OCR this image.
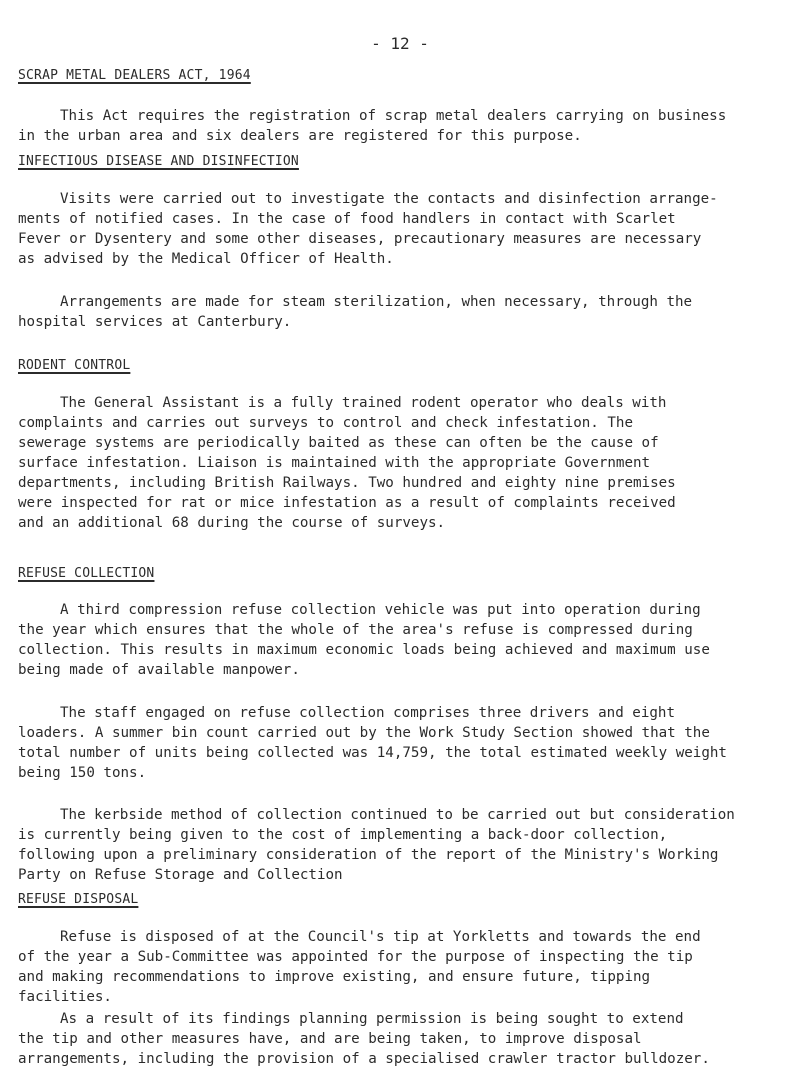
- 12 -
SCRAP METAL DEALERS ACT, 1964
This Act requires the registration of scrap metal dealers carrying on business
in the urban area and six dealers are registered for this purpose.
INFECTIOUS DISEASE AND DISINFECTION
Visits were carried out to investigate the contacts and disinfection arrange-
ments of notified cases. In the case of food handlers in contact with Scarlet
Fever or Dysentery and some other diseases, precautionary measures are necessary
as advised by the Medical Officer of Health.
Arrangements are made for steam sterilization, when necessary, through the
hospital services at Canterbury.
RODENT CONTROL
The General Assistant is a fully trained rodent operator who deals with
complaints and carries out surveys to control and check infestation. The
sewerage systems are periodically baited as these can often be the cause of
surface infestation. Liaison is maintained with the appropriate Government
departments, including British Railways. Two hundred and eighty nine premises
were inspected for rat or mice infestation as a result of complaints received
and an additional 68 during the course of surveys.
REFUSE COLLECTION
A third compression refuse collection vehicle was put into operation during
the year which ensures that the whole of the area's refuse is compressed during
collection. This results in maximum economic loads being achieved and maximum use
being made of available manpower.
The staff engaged on refuse collection comprises three drivers and eight
loaders. A summer bin count carried out by the Work Study Section showed that the
total number of units being collected was 14,759, the total estimated weekly weight
being 150 tons.
The kerbside method of collection continued to be carried out but consideration
is currently being given to the cost of implementing a back-door collection,
following upon a preliminary consideration of the report of the Ministry's Working
Party on Refuse Storage and Collection
REFUSE DISPOSAL
Refuse is disposed of at the Council's tip at Yorkletts and towards the end
of the year a Sub-Committee was appointed for the purpose of inspecting the tip
and making recommendations to improve existing, and ensure future, tipping
facilities.
As a result of its findings planning permission is being sought to extend
the tip and other measures have, and are being taken, to improve disposal
arrangements, including the provision of a specialised crawler tractor bulldozer.
